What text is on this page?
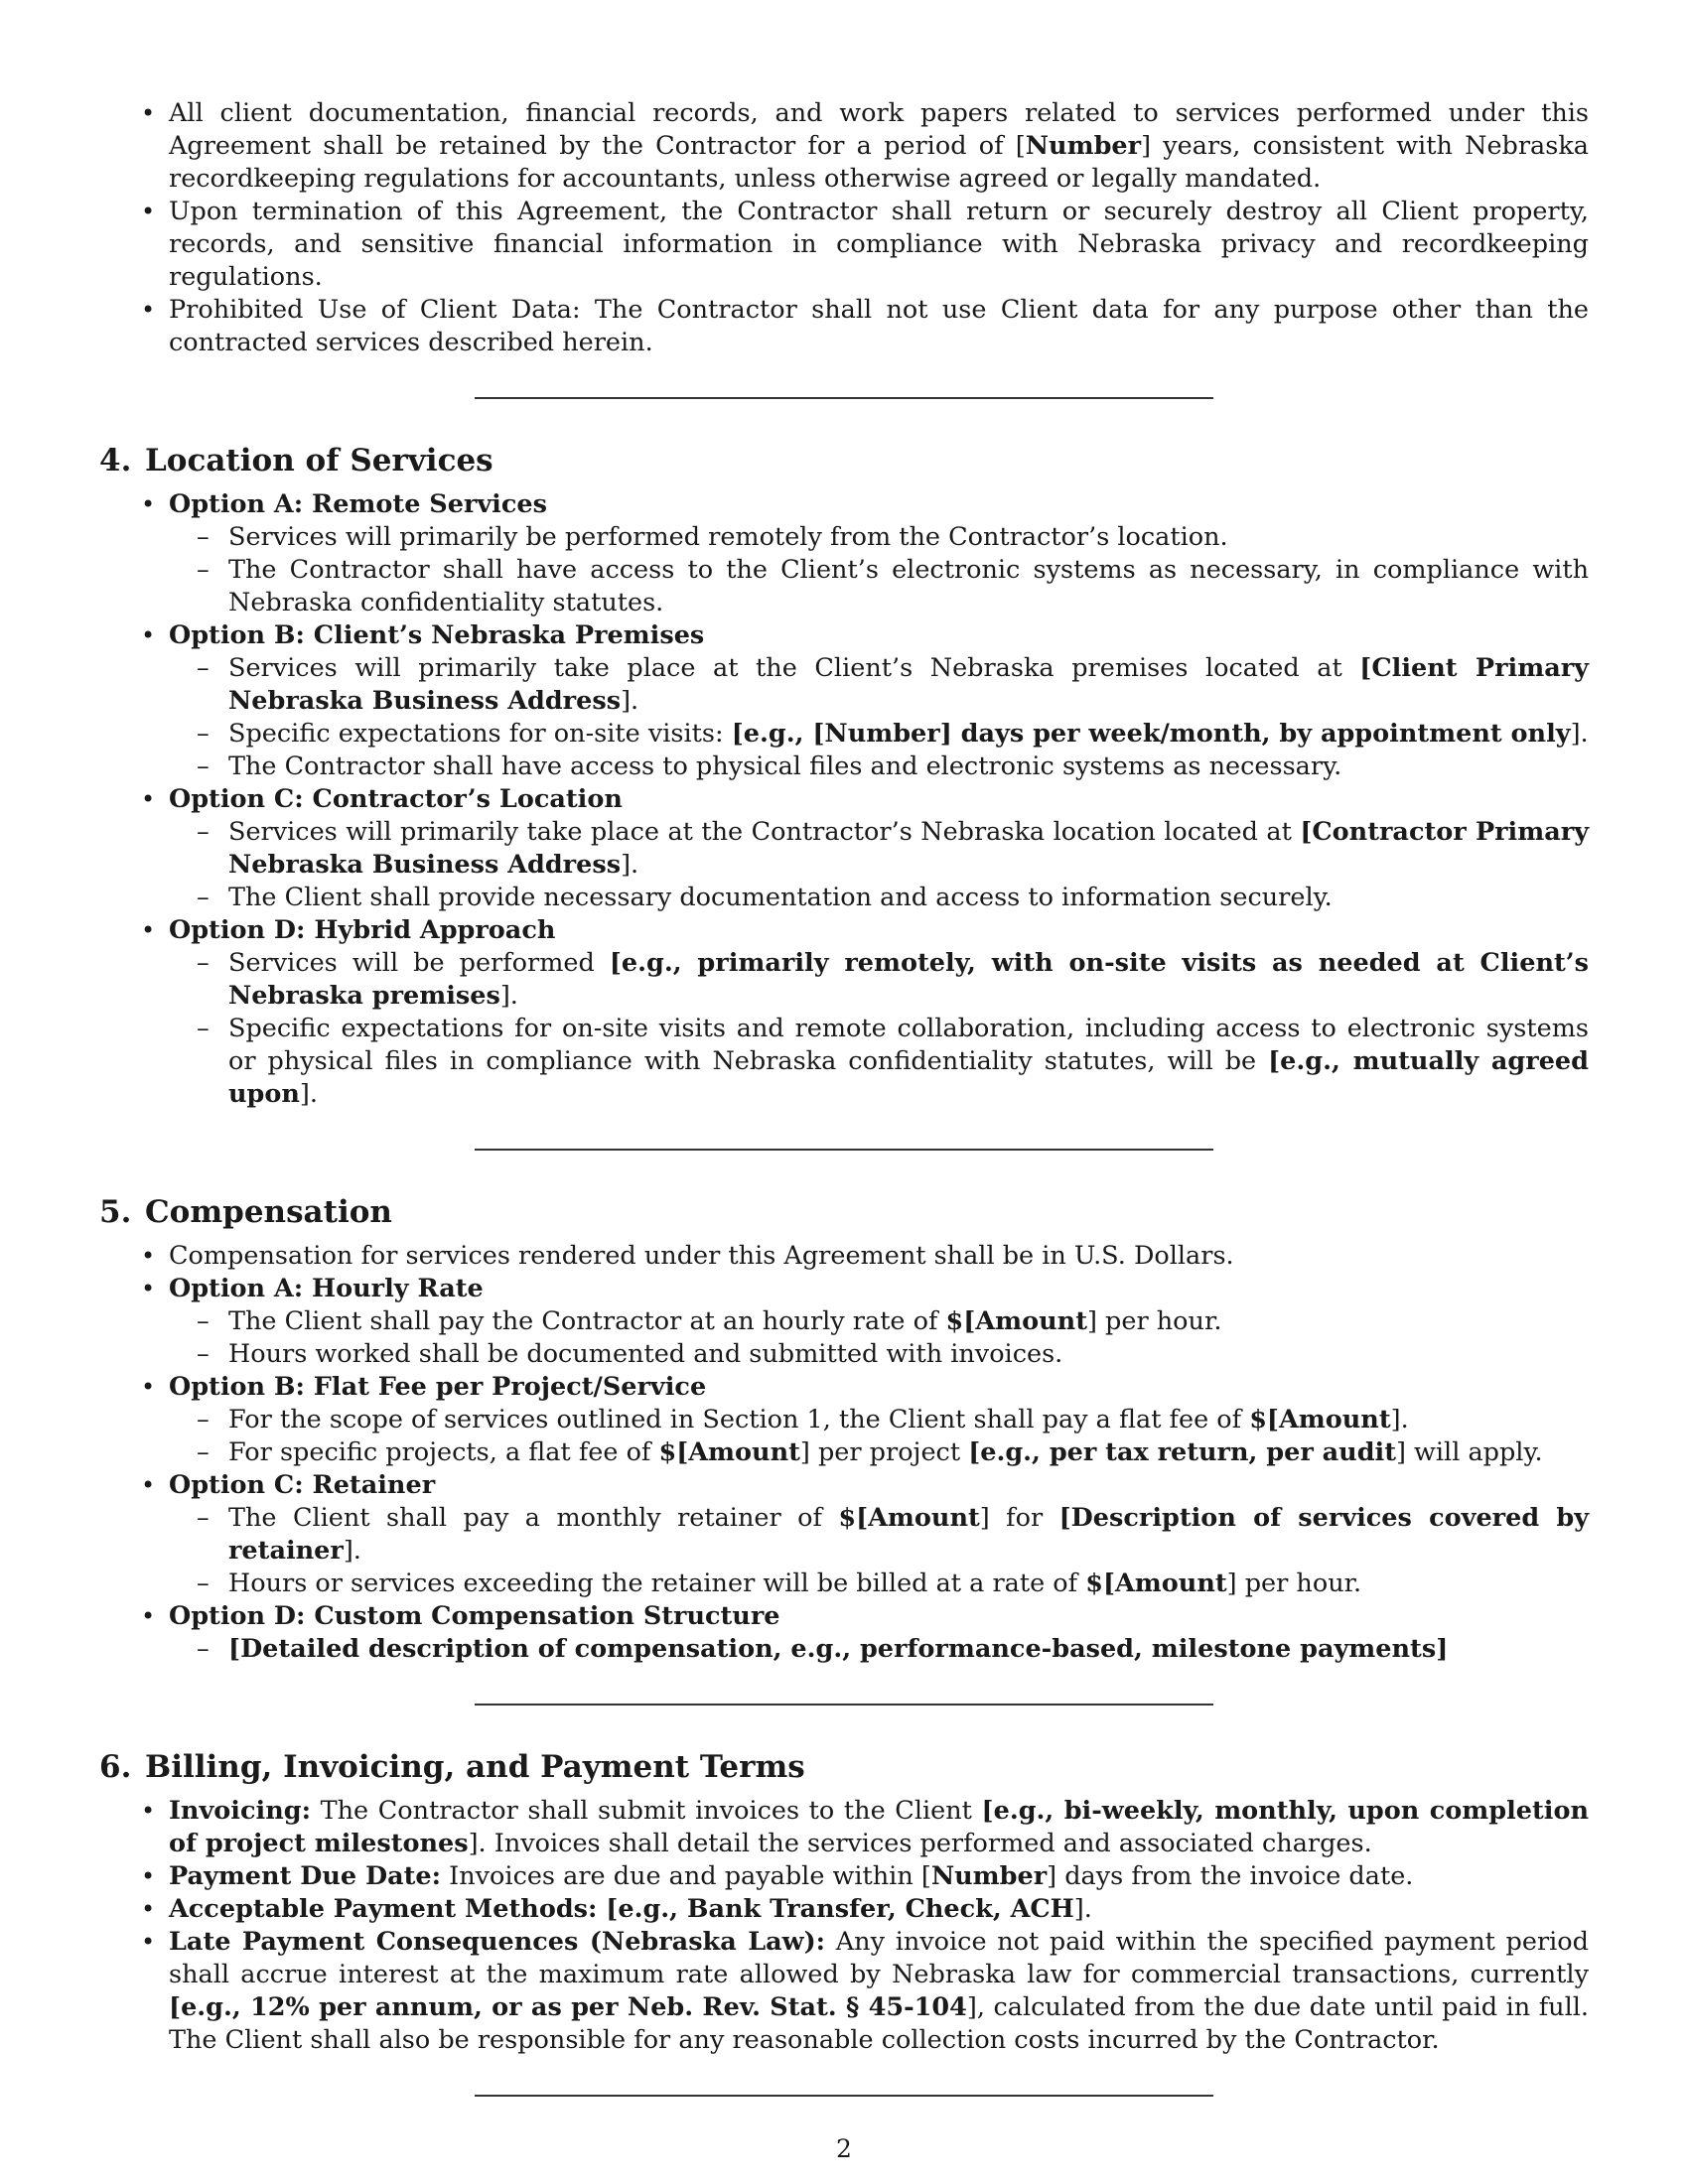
• All client documentation, financial records, and work papers related to services performed under this Agreement shall be retained by the Contractor for a period of [Number] years, consistent with Nebraska recordkeeping regulations for accountants, unless otherwise agreed or legally mandated.
• Upon termination of this Agreement, the Contractor shall return or securely destroy all Client property, records, and sensitive financial information in compliance with Nebraska privacy and recordkeeping regulations.
• Prohibited Use of Client Data: The Contractor shall not use Client data for any purpose other than the contracted services described herein.
4. Location of Services
• Option A: Remote Services
– Services will primarily be performed remotely from the Contractor’s location.
– The Contractor shall have access to the Client’s electronic systems as necessary, in compliance with Nebraska confidentiality statutes.
• Option B: Client’s Nebraska Premises
– Services will primarily take place at the Client’s Nebraska premises located at [Client Primary Nebraska Business Address].
– Specific expectations for on-site visits: [e.g., [Number] days per week/month, by appointment only].
– The Contractor shall have access to physical files and electronic systems as necessary.
• Option C: Contractor’s Location
– Services will primarily take place at the Contractor’s Nebraska location located at [Contractor Primary Nebraska Business Address].
– The Client shall provide necessary documentation and access to information securely.
• Option D: Hybrid Approach
– Services will be performed [e.g., primarily remotely, with on-site visits as needed at Client’s Nebraska premises].
– Specific expectations for on-site visits and remote collaboration, including access to electronic systems or physical files in compliance with Nebraska confidentiality statutes, will be [e.g., mutually agreed upon].
5. Compensation
• Compensation for services rendered under this Agreement shall be in U.S. Dollars.
• Option A: Hourly Rate
– The Client shall pay the Contractor at an hourly rate of $[Amount] per hour.
– Hours worked shall be documented and submitted with invoices.
• Option B: Flat Fee per Project/Service
– For the scope of services outlined in Section 1, the Client shall pay a flat fee of $[Amount].
– For specific projects, a flat fee of $[Amount] per project [e.g., per tax return, per audit] will apply.
• Option C: Retainer
– The Client shall pay a monthly retainer of $[Amount] for [Description of services covered by retainer].
– Hours or services exceeding the retainer will be billed at a rate of $[Amount] per hour.
• Option D: Custom Compensation Structure
– [Detailed description of compensation, e.g., performance-based, milestone payments]
6. Billing, Invoicing, and Payment Terms
• Invoicing: The Contractor shall submit invoices to the Client [e.g., bi-weekly, monthly, upon completion of project milestones]. Invoices shall detail the services performed and associated charges.
• Payment Due Date: Invoices are due and payable within [Number] days from the invoice date.
• Acceptable Payment Methods: [e.g., Bank Transfer, Check, ACH].
• Late Payment Consequences (Nebraska Law): Any invoice not paid within the specified payment period shall accrue interest at the maximum rate allowed by Nebraska law for commercial transactions, currently [e.g., 12% per annum, or as per Neb. Rev. Stat. § 45-104], calculated from the due date until paid in full. The Client shall also be responsible for any reasonable collection costs incurred by the Contractor.
2
